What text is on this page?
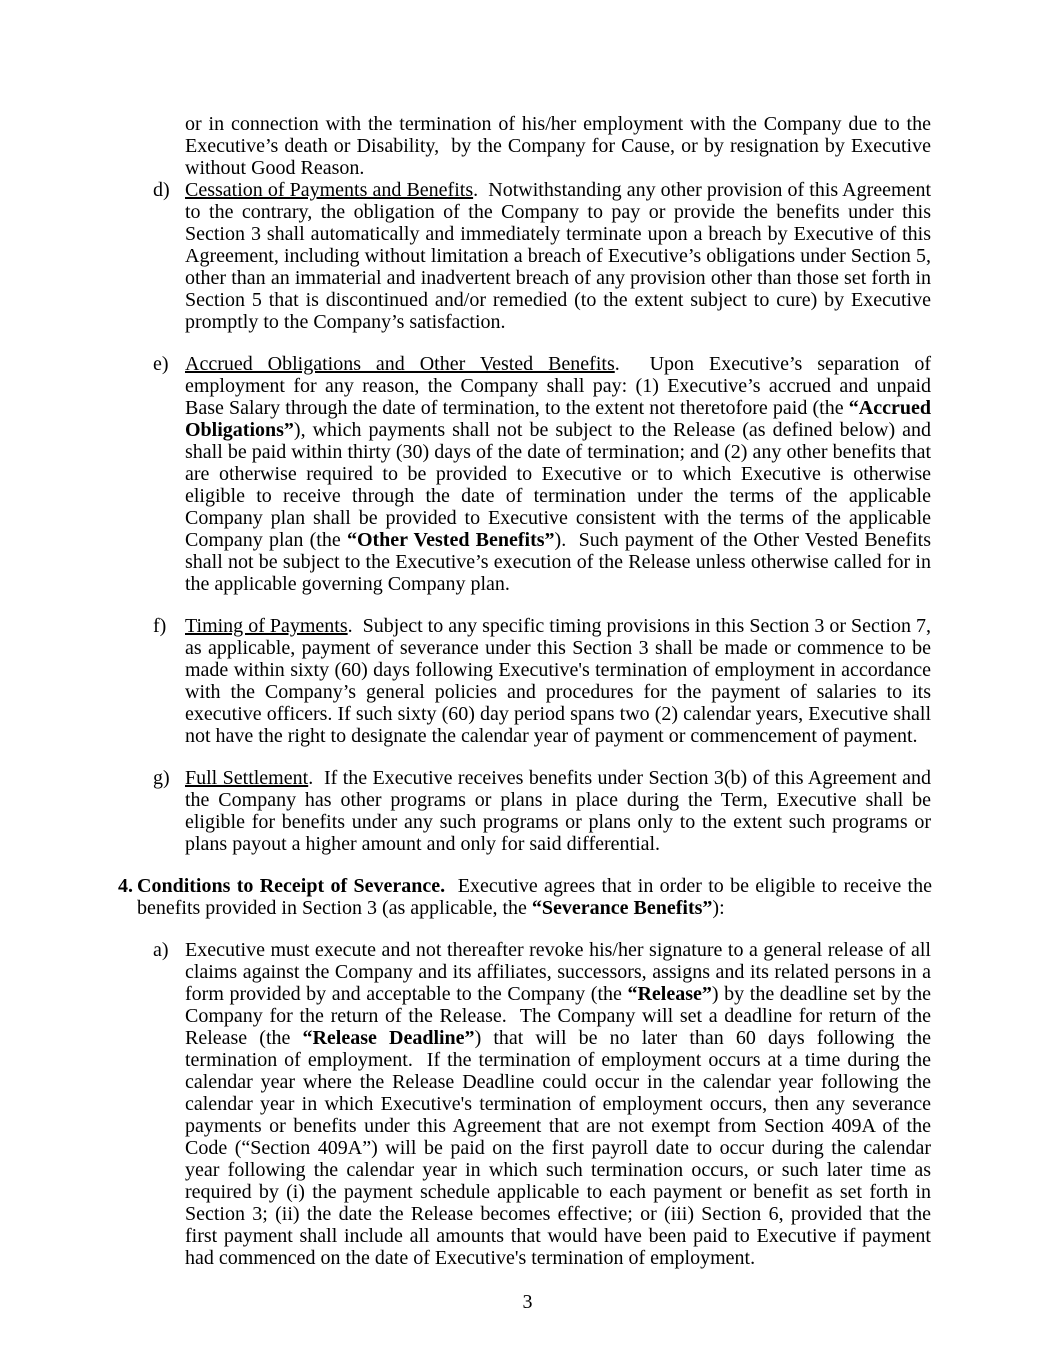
or in connection with the termination of his/her employment with the Company due to the Executive’s death or Disability,  by the Company for Cause, or by resignation by Executive without Good Reason.

d) Cessation of Payments and Benefits.  Notwithstanding any other provision of this Agreement to the contrary, the obligation of the Company to pay or provide the benefits under this Section 3 shall automatically and immediately terminate upon a breach by Executive of this Agreement, including without limitation a breach of Executive’s obligations under Section 5, other than an immaterial and inadvertent breach of any provision other than those set forth in Section 5 that is discontinued and/or remedied (to the extent subject to cure) by Executive promptly to the Company’s satisfaction.

e) Accrued Obligations and Other Vested Benefits.  Upon Executive’s separation of employment for any reason, the Company shall pay: (1) Executive’s accrued and unpaid Base Salary through the date of termination, to the extent not theretofore paid (the “Accrued Obligations”), which payments shall not be subject to the Release (as defined below) and shall be paid within thirty (30) days of the date of termination; and (2) any other benefits that are otherwise required to be provided to Executive or to which Executive is otherwise eligible to receive through the date of termination under the terms of the applicable Company plan shall be provided to Executive consistent with the terms of the applicable Company plan (the “Other Vested Benefits”).  Such payment of the Other Vested Benefits shall not be subject to the Executive’s execution of the Release unless otherwise called for in the applicable governing Company plan.

f) Timing of Payments.  Subject to any specific timing provisions in this Section 3 or Section 7, as applicable, payment of severance under this Section 3 shall be made or commence to be made within sixty (60) days following Executive's termination of employment in accordance with the Company’s general policies and procedures for the payment of salaries to its executive officers. If such sixty (60) day period spans two (2) calendar years, Executive shall not have the right to designate the calendar year of payment or commencement of payment.

g) Full Settlement.  If the Executive receives benefits under Section 3(b) of this Agreement and the Company has other programs or plans in place during the Term, Executive shall be eligible for benefits under any such programs or plans only to the extent such programs or plans payout a higher amount and only for said differential.

4. Conditions to Receipt of Severance.  Executive agrees that in order to be eligible to receive the benefits provided in Section 3 (as applicable, the “Severance Benefits”):

a) Executive must execute and not thereafter revoke his/her signature to a general release of all claims against the Company and its affiliates, successors, assigns and its related persons in a form provided by and acceptable to the Company (the “Release”) by the deadline set by the Company for the return of the Release.  The Company will set a deadline for return of the Release (the “Release Deadline”) that will be no later than 60 days following the termination of employment.  If the termination of employment occurs at a time during the calendar year where the Release Deadline could occur in the calendar year following the calendar year in which Executive's termination of employment occurs, then any severance payments or benefits under this Agreement that are not exempt from Section 409A of the  Code (“Section 409A”) will be paid on the first payroll date to occur during the calendar year following the calendar year in which such termination occurs, or such later time as required by (i) the payment schedule applicable to each payment or benefit as set forth in Section 3; (ii) the date the Release becomes effective; or (iii) Section 6, provided that the first payment shall include all amounts that would have been paid to Executive if payment had commenced on the date of Executive's termination of employment.

3
